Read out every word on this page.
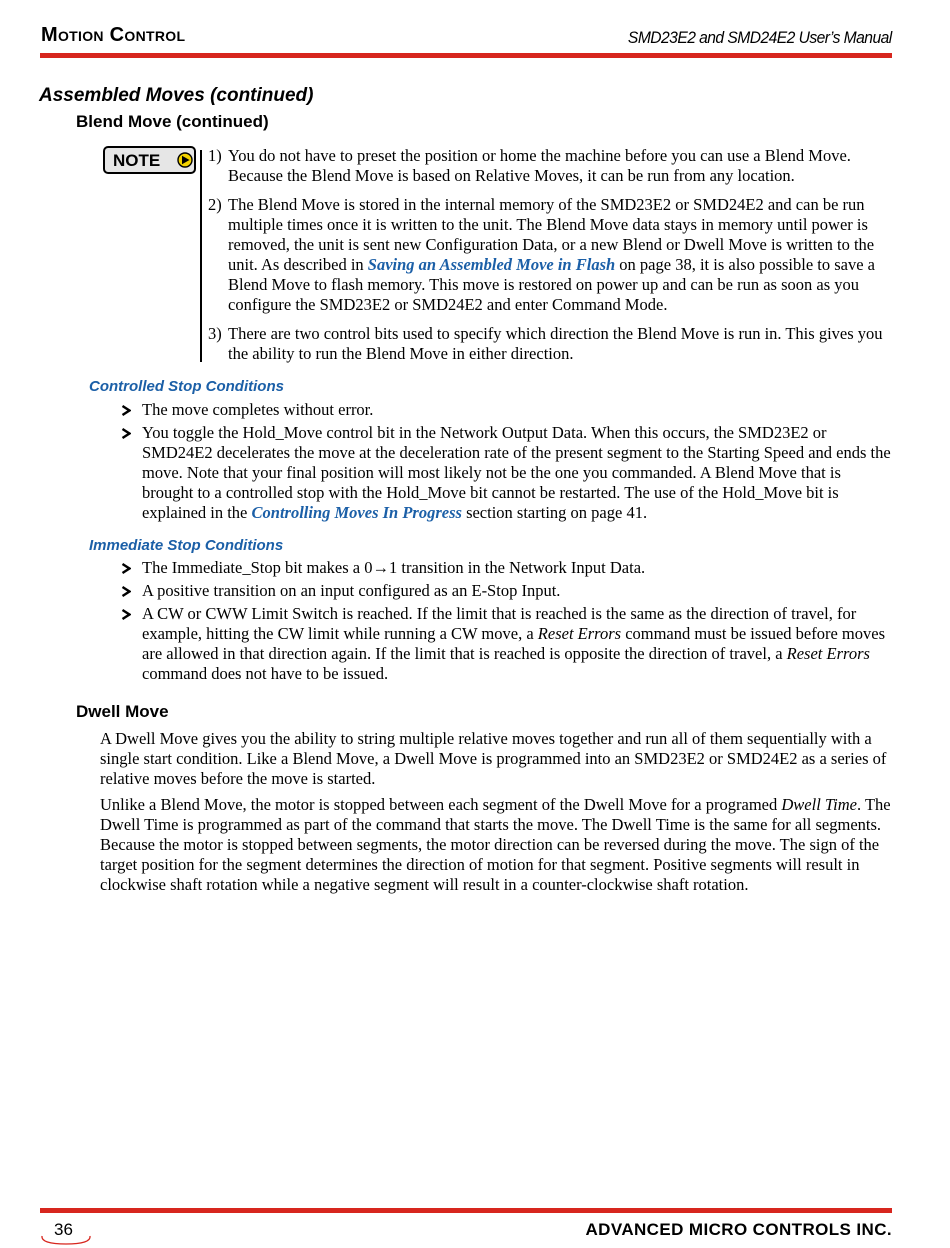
Motion Control	SMD23E2 and SMD24E2 User’s Manual
Assembled Moves (continued)
Blend Move (continued)
NOTE	1) You do not have to preset the position or home the machine before you can use a Blend Move. Because the Blend Move is based on Relative Moves, it can be run from any location.
2) The Blend Move is stored in the internal memory of the SMD23E2 or SMD24E2 and can be run multiple times once it is written to the unit. The Blend Move data stays in memory until power is removed, the unit is sent new Configuration Data, or a new Blend or Dwell Move is written to the unit. As described in Saving an Assembled Move in Flash on page 38, it is also possible to save a Blend Move to flash memory. This move is restored on power up and can be run as soon as you configure the SMD23E2 or SMD24E2 and enter Command Mode.
3) There are two control bits used to specify which direction the Blend Move is run in. This gives you the ability to run the Blend Move in either direction.
Controlled Stop Conditions
The move completes without error.
You toggle the Hold_Move control bit in the Network Output Data. When this occurs, the SMD23E2 or SMD24E2 decelerates the move at the deceleration rate of the present segment to the Starting Speed and ends the move. Note that your final position will most likely not be the one you commanded. A Blend Move that is brought to a controlled stop with the Hold_Move bit cannot be restarted. The use of the Hold_Move bit is explained in the Controlling Moves In Progress section starting on page 41.
Immediate Stop Conditions
The Immediate_Stop bit makes a 0→1 transition in the Network Input Data.
A positive transition on an input configured as an E-Stop Input.
A CW or CWW Limit Switch is reached. If the limit that is reached is the same as the direction of travel, for example, hitting the CW limit while running a CW move, a Reset Errors command must be issued before moves are allowed in that direction again. If the limit that is reached is opposite the direction of travel, a Reset Errors command does not have to be issued.
Dwell Move
A Dwell Move gives you the ability to string multiple relative moves together and run all of them sequentially with a single start condition. Like a Blend Move, a Dwell Move is programmed into an SMD23E2 or SMD24E2 as a series of relative moves before the move is started.
Unlike a Blend Move, the motor is stopped between each segment of the Dwell Move for a programed Dwell Time. The Dwell Time is programmed as part of the command that starts the move. The Dwell Time is the same for all segments. Because the motor is stopped between segments, the motor direction can be reversed during the move. The sign of the target position for the segment determines the direction of motion for that segment. Positive segments will result in clockwise shaft rotation while a negative segment will result in a counter-clockwise shaft rotation.
36	ADVANCED MICRO CONTROLS INC.
